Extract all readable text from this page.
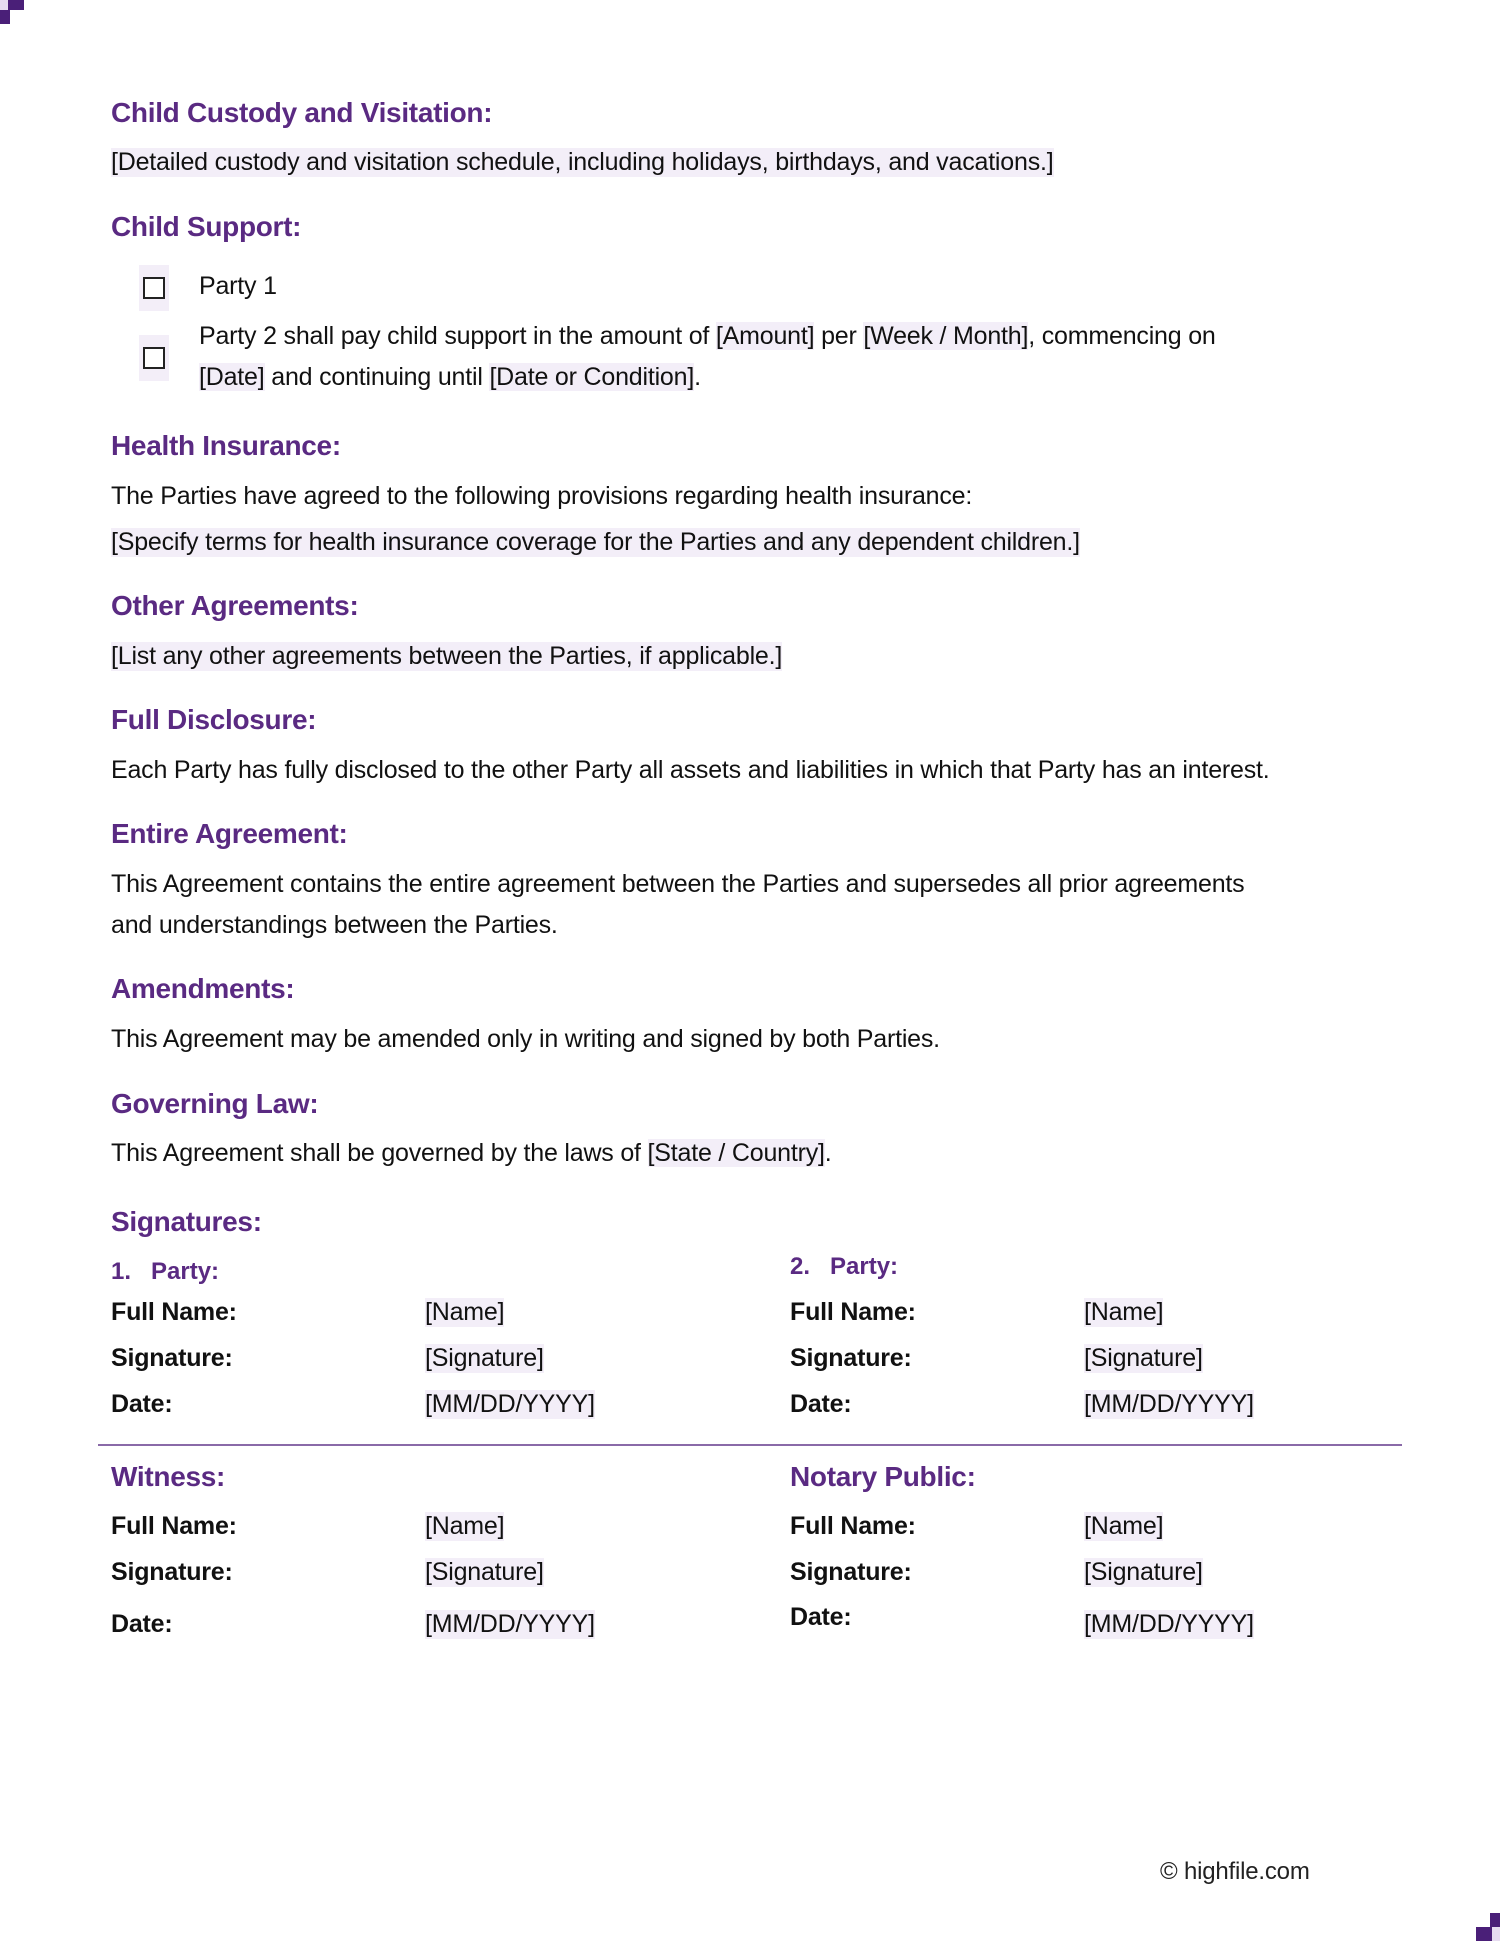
Child Custody and Visitation:
[Detailed custody and visitation schedule, including holidays, birthdays, and vacations.]
Child Support:
Party 1
Party 2 shall pay child support in the amount of [Amount] per [Week / Month], commencing on
[Date] and continuing until [Date or Condition].
Health Insurance:
The Parties have agreed to the following provisions regarding health insurance:
[Specify terms for health insurance coverage for the Parties and any dependent children.]
Other Agreements:
[List any other agreements between the Parties, if applicable.]
Full Disclosure:
Each Party has fully disclosed to the other Party all assets and liabilities in which that Party has an interest.
Entire Agreement:
This Agreement contains the entire agreement between the Parties and supersedes all prior agreements
and understandings between the Parties.
Amendments:
This Agreement may be amended only in writing and signed by both Parties.
Governing Law:
This Agreement shall be governed by the laws of [State / Country].
Signatures:
1. Party:	2. Party:
Full Name:	[Name]
Signature:	[Signature]
Date:	[MM/DD/YYYY]
Full Name:	[Name]
Signature:	[Signature]
Date:	[MM/DD/YYYY]
Witness:
Full Name:	[Name]
Signature:	[Signature]
Date:	[MM/DD/YYYY]
Notary Public:
Full Name:	[Name]
Signature:	[Signature]
Date:	[MM/DD/YYYY]
© highfile.com
